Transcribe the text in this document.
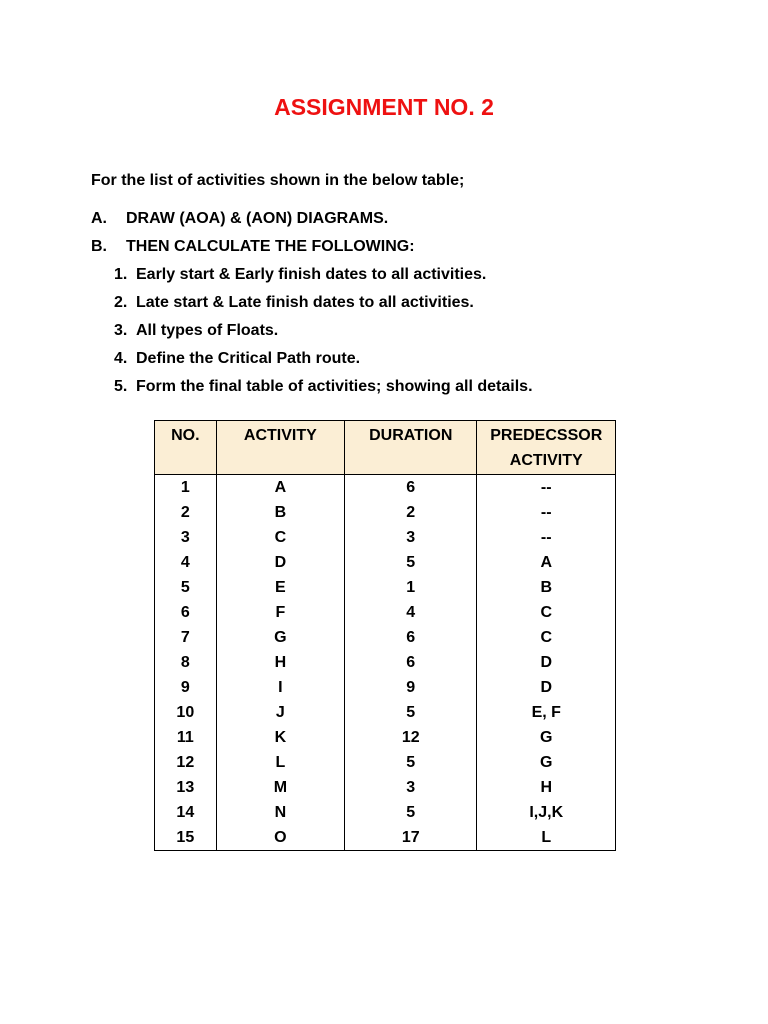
ASSIGNMENT NO. 2

For the list of activities shown in the below table;

A. DRAW (AOA) & (AON) DIAGRAMS.
B. THEN CALCULATE THE FOLLOWING:
1. Early start & Early finish dates to all activities.
2. Late start & Late finish dates to all activities.
3. All types of Floats.
4. Define the Critical Path route.
5. Form the final table of activities; showing all details.
NO.	ACTIVITY	DURATION	PREDECSSOR
ACTIVITY
1	A	6	--
2	B	2	--
3	C	3	--
4	D	5	A
5	E	1	B
6	F	4	C
7	G	6	C
8	H	6	D
9	I	9	D
10	J	5	E, F
11	K	12	G
12	L	5	G
13	M	3	H
14	N	5	I,J,K
15	O	17	L
